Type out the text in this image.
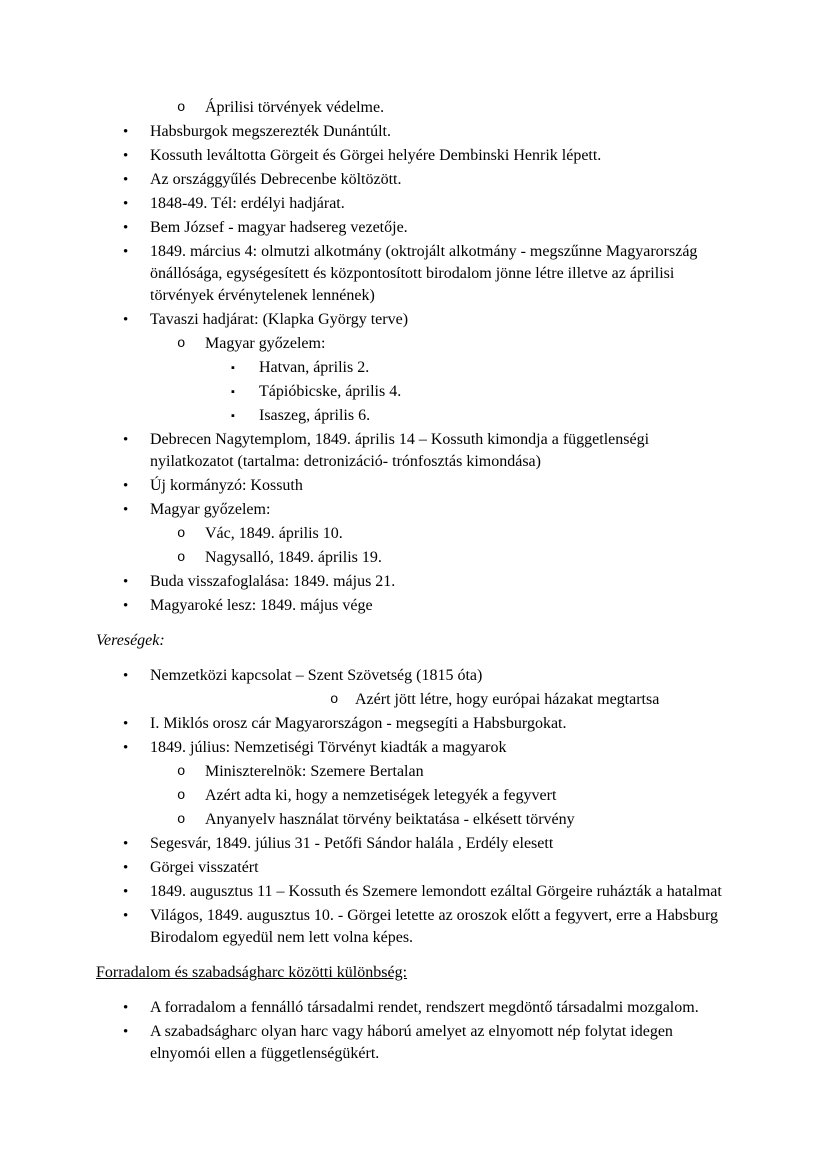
o	Áprilisi törvények védelme.
•	Habsburgok megszerezték Dunántúlt.
•	Kossuth leváltotta Görgeit és Görgei helyére Dembinski Henrik lépett.
•	Az országgyűlés Debrecenbe költözött.
•	1848-49. Tél: erdélyi hadjárat.
•	Bem József - magyar hadsereg vezetője.
•	1849. március 4: olmutzi alkotmány (oktrojált alkotmány - megszűnne Magyarország önállósága, egységesített és központosított birodalom jönne létre illetve az áprilisi törvények érvénytelenek lennének)
•	Tavaszi hadjárat: (Klapka György terve)
o	Magyar győzelem:
▪	Hatvan, április 2.
▪	Tápióbicske, április 4.
▪	Isaszeg, április 6.
•	Debrecen Nagytemplom, 1849. április 14 – Kossuth kimondja a függetlenségi nyilatkozatot (tartalma: detronizáció- trónfosztás kimondása)
•	Új kormányzó: Kossuth
•	Magyar győzelem:
o	Vác, 1849. április 10.
o	Nagysalló, 1849. április 19.
•	Buda visszafoglalása: 1849. május 21.
•	Magyaroké lesz: 1849. május vége
Vereségek:
•	Nemzetközi kapcsolat – Szent Szövetség (1815 óta)
o	Azért jött létre, hogy európai házakat megtartsa
•	I. Miklós orosz cár Magyarországon - megsegíti a Habsburgokat.
•	1849. július: Nemzetiségi Törvényt kiadták a magyarok
o	Miniszterelnök: Szemere Bertalan
o	Azért adta ki, hogy a nemzetiségek letegyék a fegyvert
o	Anyanyelv használat törvény beiktatása - elkésett törvény
•	Segesvár, 1849. július 31 - Petőfi Sándor halála , Erdély elesett
•	Görgei visszatért
•	1849. augusztus 11 – Kossuth és Szemere lemondott ezáltal Görgeire ruházták a hatalmat
•	Világos, 1849. augusztus 10. - Görgei letette az oroszok előtt a fegyvert, erre a Habsburg Birodalom egyedül nem lett volna képes.
Forradalom és szabadságharc közötti különbség:
•	A forradalom a fennálló társadalmi rendet, rendszert megdöntő társadalmi mozgalom.
•	A szabadságharc olyan harc vagy háború amelyet az elnyomott nép folytat idegen elnyomói ellen a függetlenségükért.
